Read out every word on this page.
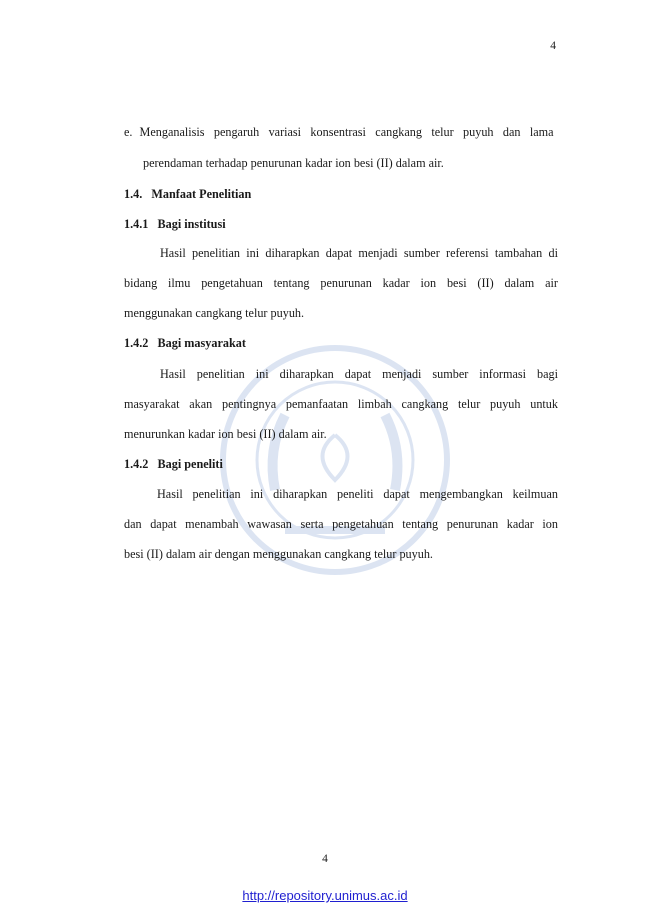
4
e. Menganalisis pengaruh variasi konsentrasi cangkang telur puyuh dan lama
perendaman terhadap penurunan kadar ion besi (II) dalam air.
1.4. Manfaat Penelitian
1.4.1 Bagi institusi
Hasil penelitian ini diharapkan dapat menjadi sumber referensi tambahan di
bidang ilmu pengetahuan tentang penurunan kadar ion besi (II) dalam air
menggunakan cangkang telur puyuh.
1.4.2 Bagi masyarakat
Hasil penelitian ini diharapkan dapat menjadi sumber informasi bagi
masyarakat akan pentingnya pemanfaatan limbah cangkang telur puyuh untuk
menurunkan kadar ion besi (II) dalam air.
1.4.2 Bagi peneliti
Hasil penelitian ini diharapkan peneliti dapat mengembangkan keilmuan
dan dapat menambah wawasan serta pengetahuan tentang penurunan kadar ion
besi (II) dalam air dengan menggunakan cangkang telur puyuh.
4
http://repository.unimus.ac.id
